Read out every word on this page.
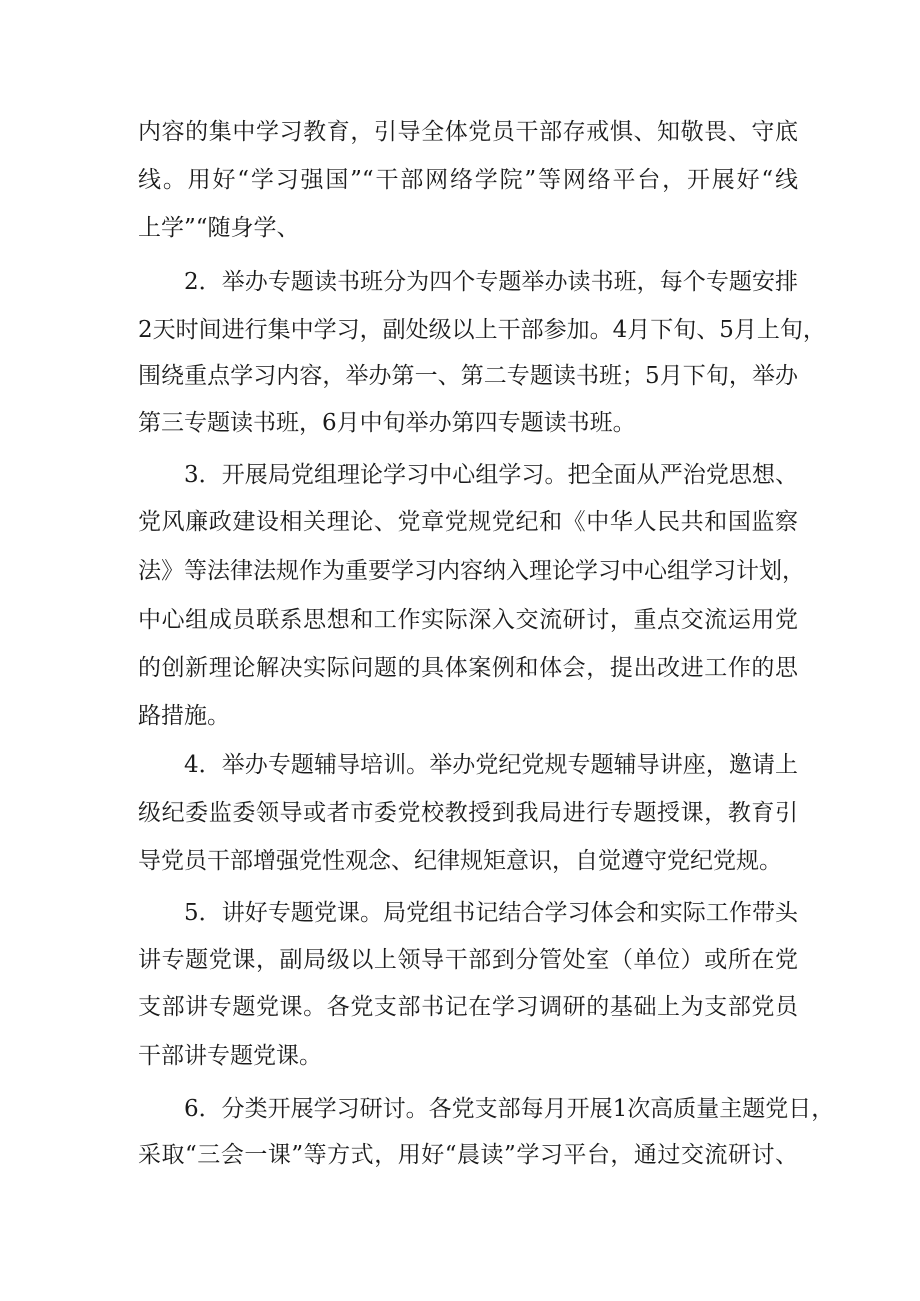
内容的集中学习教育，引导全体党员干部存戒惧、知敬畏、守底
线。用好“学习强国”“干部网络学院”等网络平台，开展好“线
上学”“随身学、
2．举办专题读书班分为四个专题举办读书班，每个专题安排
2天时间进行集中学习，副处级以上干部参加。4月下旬、5月上旬，
围绕重点学习内容，举办第一、第二专题读书班；5月下旬，举办
第三专题读书班，6月中旬举办第四专题读书班。
3．开展局党组理论学习中心组学习。把全面从严治党思想、
党风廉政建设相关理论、党章党规党纪和《中华人民共和国监察
法》等法律法规作为重要学习内容纳入理论学习中心组学习计划，
中心组成员联系思想和工作实际深入交流研讨，重点交流运用党
的创新理论解决实际问题的具体案例和体会，提出改进工作的思
路措施。
4．举办专题辅导培训。举办党纪党规专题辅导讲座，邀请上
级纪委监委领导或者市委党校教授到我局进行专题授课，教育引
导党员干部增强党性观念、纪律规矩意识，自觉遵守党纪党规。
5．讲好专题党课。局党组书记结合学习体会和实际工作带头
讲专题党课，副局级以上领导干部到分管处室（单位）或所在党
支部讲专题党课。各党支部书记在学习调研的基础上为支部党员
干部讲专题党课。
6．分类开展学习研讨。各党支部每月开展1次高质量主题党日，
采取“三会一课”等方式，用好“晨读”学习平台，通过交流研讨、
